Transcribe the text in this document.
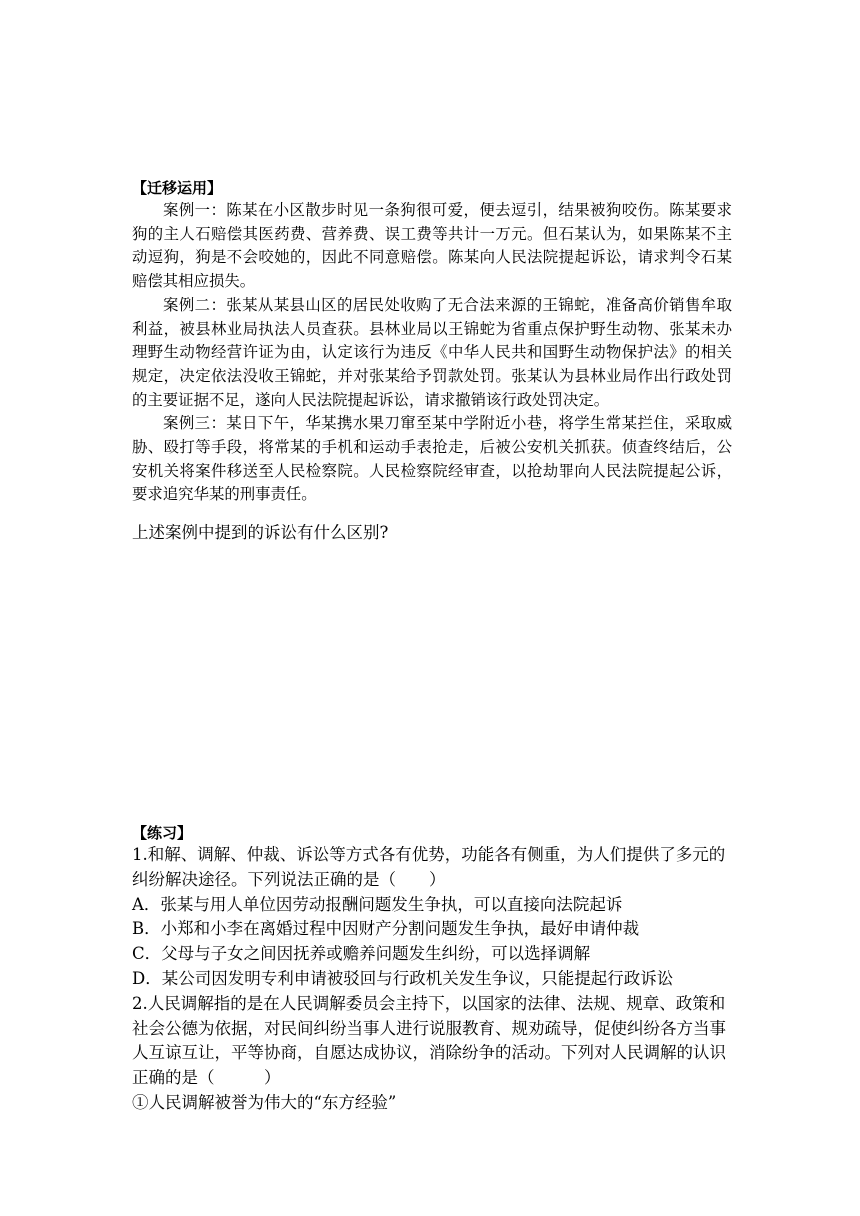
【迁移运用】

案例一：陈某在小区散步时见一条狗很可爱，便去逗引，结果被狗咬伤。陈某要求狗的主人石赔偿其医药费、营养费、误工费等共计一万元。但石某认为，如果陈某不主动逗狗，狗是不会咬她的，因此不同意赔偿。陈某向人民法院提起诉讼，请求判令石某赔偿其相应损失。

案例二：张某从某县山区的居民处收购了无合法来源的王锦蛇，准备高价销售牟取利益，被县林业局执法人员查获。县林业局以王锦蛇为省重点保护野生动物、张某未办理野生动物经营许证为由，认定该行为违反《中华人民共和国野生动物保护法》的相关规定，决定依法没收王锦蛇，并对张某给予罚款处罚。张某认为县林业局作出行政处罚的主要证据不足，遂向人民法院提起诉讼，请求撤销该行政处罚决定。

案例三：某日下午，华某携水果刀窜至某中学附近小巷，将学生常某拦住，采取威胁、殴打等手段，将常某的手机和运动手表抢走，后被公安机关抓获。侦查终结后，公安机关将案件移送至人民检察院。人民检察院经审查，以抢劫罪向人民法院提起公诉，要求追究华某的刑事责任。

上述案例中提到的诉讼有什么区别?

【练习】

1.和解、调解、仲裁、诉讼等方式各有优势，功能各有侧重，为人们提供了多元的纠纷解决途径。下列说法正确的是（　　）

A．张某与用人单位因劳动报酬问题发生争执，可以直接向法院起诉

B．小郑和小李在离婚过程中因财产分割问题发生争执，最好申请仲裁

C．父母与子女之间因抚养或赡养问题发生纠纷，可以选择调解

D．某公司因发明专利申请被驳回与行政机关发生争议，只能提起行政诉讼

2.人民调解指的是在人民调解委员会主持下，以国家的法律、法规、规章、政策和社会公德为依据，对民间纠纷当事人进行说服教育、规劝疏导，促使纠纷各方当事人互谅互让，平等协商，自愿达成协议，消除纷争的活动。下列对人民调解的认识正确的是（　　　）

①人民调解被誉为伟大的“东方经验”
